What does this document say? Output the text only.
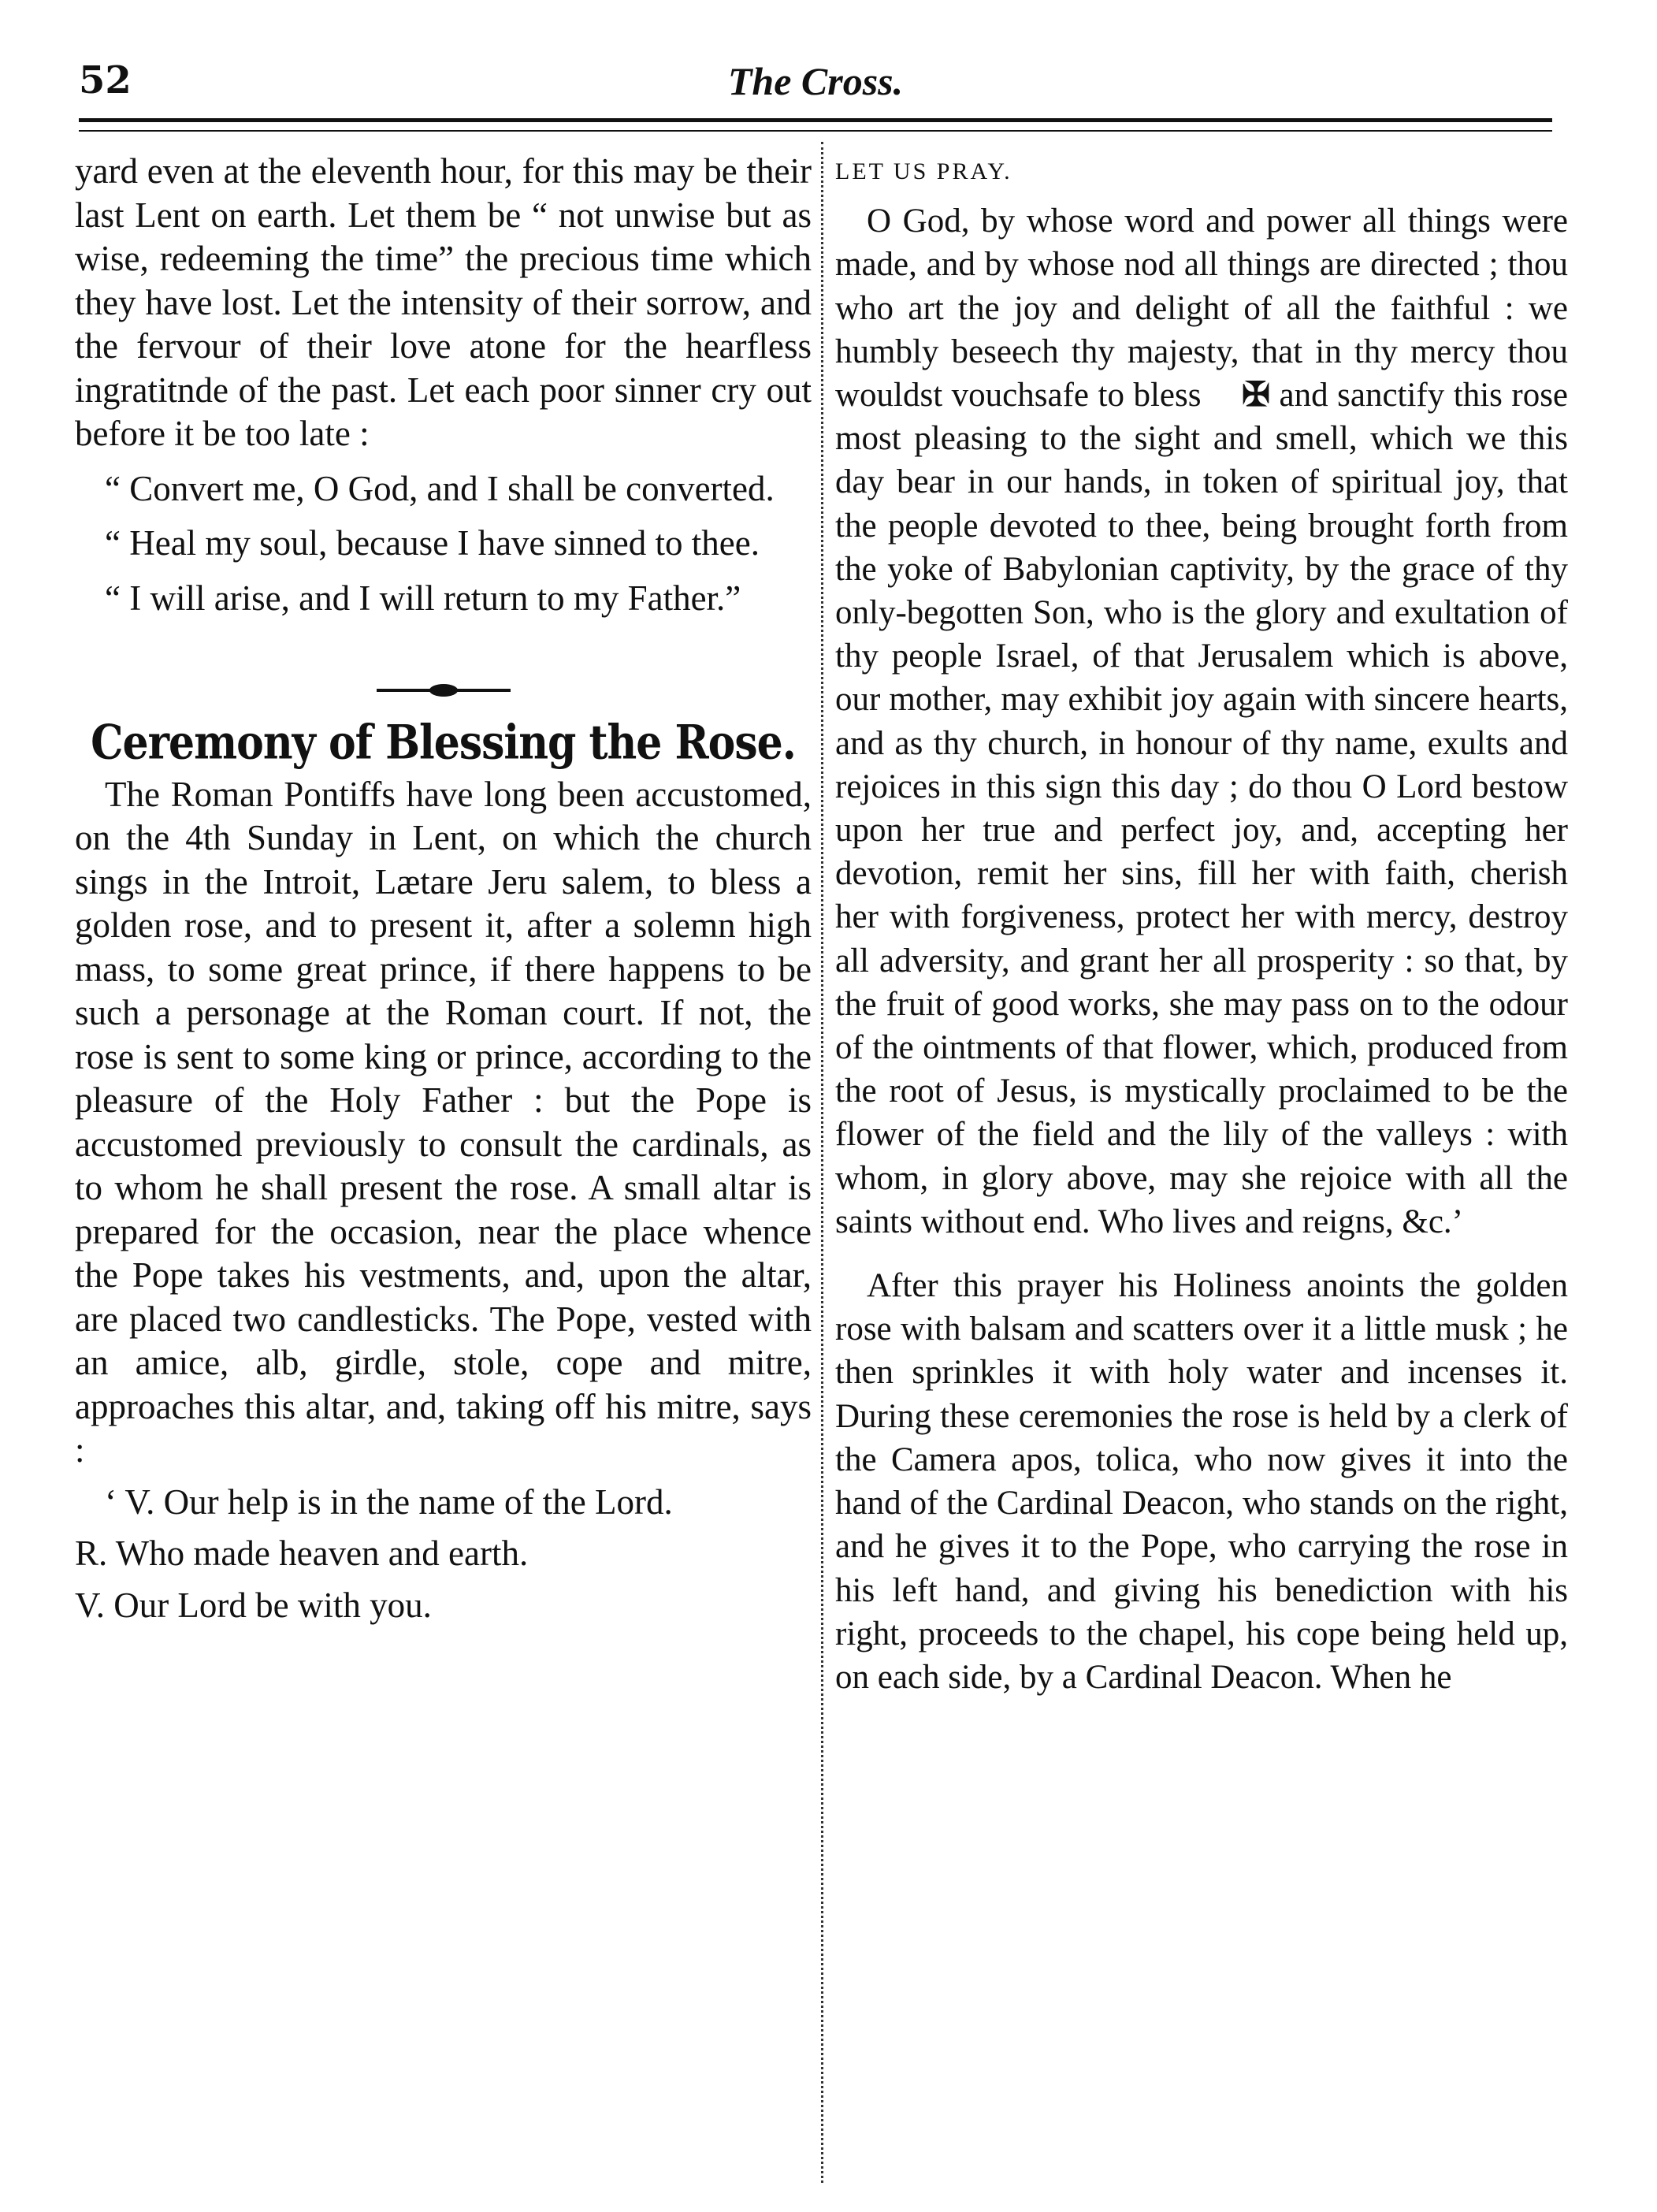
52	The Cross.

yard even at the eleventh hour, for this may be their last Lent on earth. Let them be “ not unwise but as wise, redeeming the time” the precious time which they have lost. Let the intensity of their sorrow, and the fervour of their love atone for the hearfless ingratitnde of the past. Let each poor sinner cry out before it be too late :

“ Convert me, O God, and I shall be converted.

“ Heal my soul, because I have sinned to thee.

“ I will arise, and I will return to my Father.”

Ceremony of Blessing the Rose.

The Roman Pontiffs have long been accustomed, on the 4th Sunday in Lent, on which the church sings in the Introit, Lætare Jeru salem, to bless a golden rose, and to present it, after a solemn high mass, to some great prince, if there happens to be such a personage at the Roman court. If not, the rose is sent to some king or prince, according to the pleasure of the Holy Father : but the Pope is accustomed previously to consult the cardinals, as to whom he shall present the rose. A small altar is prepared for the occasion, near the place whence the Pope takes his vestments, and, upon the altar, are placed two candlesticks. The Pope, vested with an amice, alb, girdle, stole, cope and mitre, approaches this altar, and, taking off his mitre, says :

‘ V. Our help is in the name of the Lord.

R. Who made heaven and earth.

V. Our Lord be with you.

LET US PRAY.

O God, by whose word and power all things were made, and by whose nod all things are directed ; thou who art the joy and delight of all the faithful : we humbly beseech thy majesty, that in thy mercy thou wouldst vouchsafe to bless ✠ and sanctify this rose most pleasing to the sight and smell, which we this day bear in our hands, in token of spiritual joy, that the people devoted to thee, being brought forth from the yoke of Babylonian captivity, by the grace of thy only-begotten Son, who is the glory and exultation of thy people Israel, of that Jerusalem which is above, our mother, may exhibit joy again with sincere hearts, and as thy church, in honour of thy name, exults and rejoices in this sign this day ; do thou O Lord bestow upon her true and perfect joy, and, accepting her devotion, remit her sins, fill her with faith, cherish her with forgiveness, protect her with mercy, destroy all adversity, and grant her all prosperity : so that, by the fruit of good works, she may pass on to the odour of the ointments of that flower, which, produced from the root of Jesus, is mystically proclaimed to be the flower of the field and the lily of the valleys : with whom, in glory above, may she rejoice with all the saints without end. Who lives and reigns, &c.’

After this prayer his Holiness anoints the golden rose with balsam and scatters over it a little musk ; he then sprinkles it with holy water and incenses it. During these ceremonies the rose is held by a clerk of the Camera apos, tolica, who now gives it into the hand of the Cardinal Deacon, who stands on the right, and he gives it to the Pope, who carrying the rose in his left hand, and giving his benediction with his right, proceeds to the chapel, his cope being held up, on each side, by a Cardinal Deacon. When he
